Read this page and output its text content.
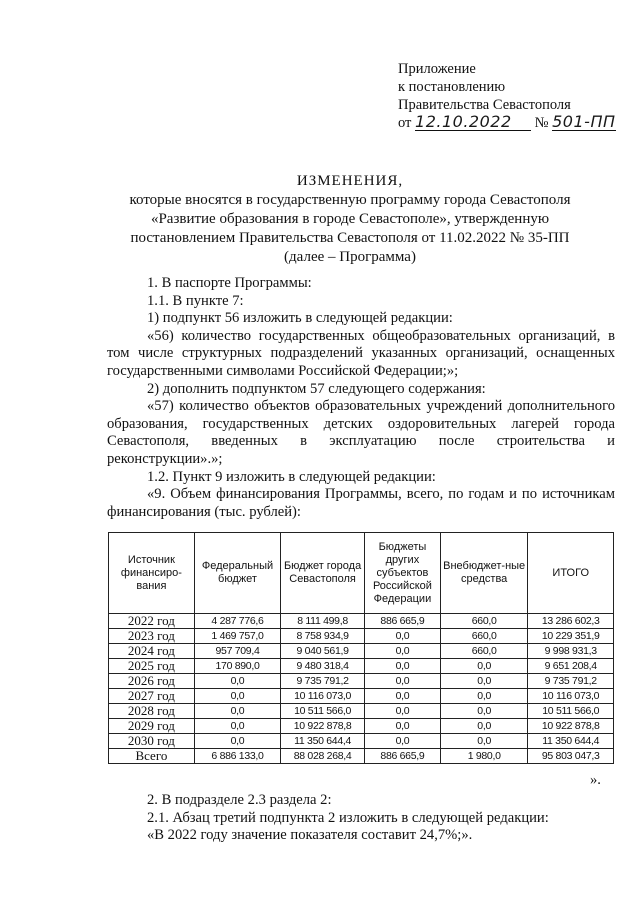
Приложение
к постановлению
Правительства Севастополя
от 12.10.2022 № 501-ПП
ИЗМЕНЕНИЯ,
которые вносятся в государственную программу города Севастополя
«Развитие образования в городе Севастополе», утвержденную
постановлением Правительства Севастополя от 11.02.2022 № 35-ПП
(далее – Программа)

1. В паспорте Программы:

1.1. В пункте 7:

1) подпункт 56 изложить в следующей редакции:

«56) количество государственных общеобразовательных организаций, в том числе структурных подразделений указанных организаций, оснащенных государственными символами Российской Федерации;»;

2) дополнить подпунктом 57 следующего содержания:

«57) количество объектов образовательных учреждений дополнительного образования, государственных детских оздоровительных лагерей города Севастополя, введенных в эксплуатацию после строительства и реконструкции».»;

1.2. Пункт 9 изложить в следующей редакции:

«9. Объем финансирования Программы, всего, по годам и по источникам финансирования (тыс. рублей):

Источник финансиро-вания	Федеральный бюджет	Бюджет города Севастополя	Бюджеты других субъектов Российской Федерации	Внебюджет-ные средства	ИТОГО
2022 год	4 287 776,6	8 111 499,8	886 665,9	660,0	13 286 602,3
2023 год	1 469 757,0	8 758 934,9	0,0	660,0	10 229 351,9
2024 год	957 709,4	9 040 561,9	0,0	660,0	9 998 931,3
2025 год	170 890,0	9 480 318,4	0,0	0,0	9 651 208,4
2026 год	0,0	9 735 791,2	0,0	0,0	9 735 791,2
2027 год	0,0	10 116 073,0	0,0	0,0	10 116 073,0
2028 год	0,0	10 511 566,0	0,0	0,0	10 511 566,0
2029 год	0,0	10 922 878,8	0,0	0,0	10 922 878,8
2030 год	0,0	11 350 644,4	0,0	0,0	11 350 644,4
Всего	6 886 133,0	88 028 268,4	886 665,9	1 980,0	95 803 047,3
».

2. В подразделе 2.3 раздела 2:

2.1. Абзац третий подпункта 2 изложить в следующей редакции:

«В 2022 году значение показателя составит 24,7%;».
